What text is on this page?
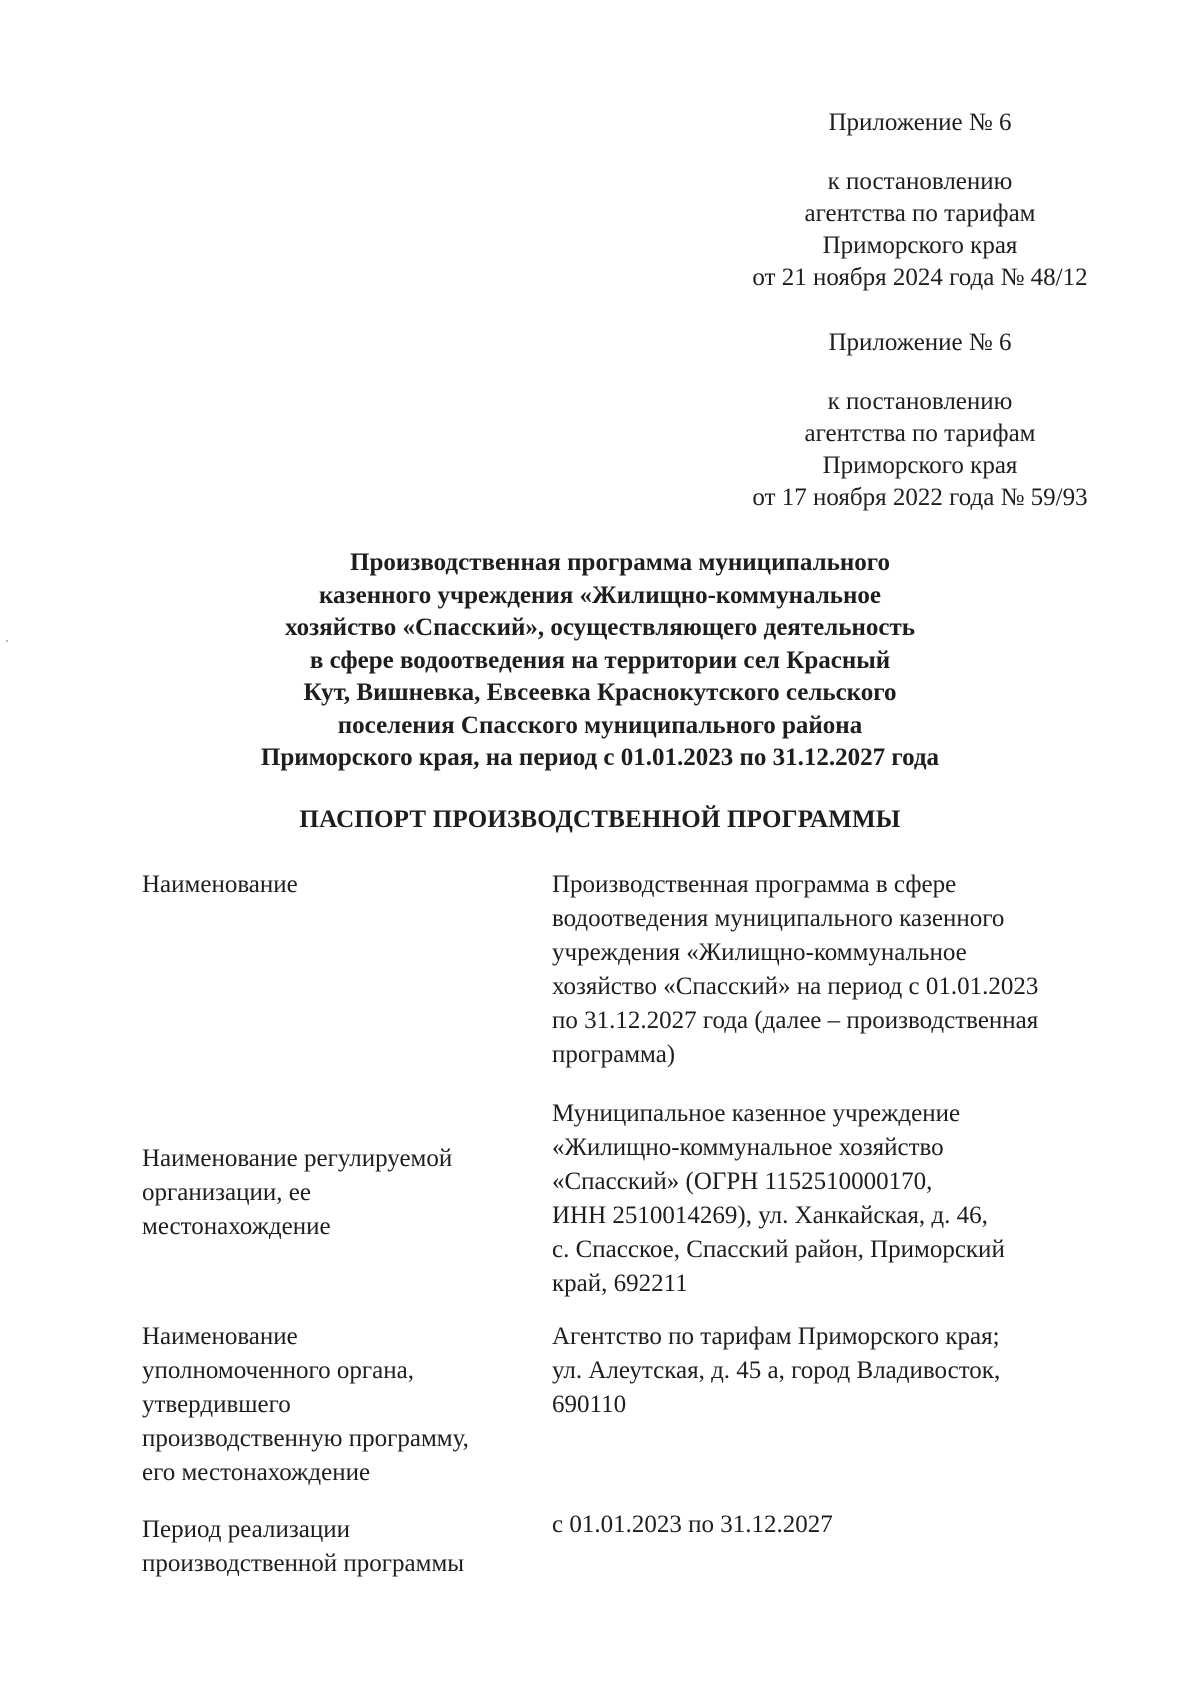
Приложение № 6
к постановлению
агентства по тарифам
Приморского края
от 21 ноября 2024 года № 48/12
Приложение № 6
к постановлению
агентства по тарифам
Приморского края
от 17 ноября 2022 года № 59/93
Производственная программа муниципального
казенного учреждения «Жилищно-коммунальное
хозяйство «Спасский», осуществляющего деятельность
в сфере водоотведения на территории сел Красный
Кут, Вишневка, Евсеевка Краснокутского сельского
поселения Спасского муниципального района
Приморского края, на период с 01.01.2023 по 31.12.2027 года
ПАСПОРТ ПРОИЗВОДСТВЕННОЙ ПРОГРАММЫ
Наименование	Производственная программа в сфере
водоотведения муниципального казенного
учреждения «Жилищно-коммунальное
хозяйство «Спасский» на период с 01.01.2023
по 31.12.2027 года (далее – производственная
программа)
Наименование регулируемой
организации, ее
местонахождение
Муниципальное казенное учреждение
«Жилищно-коммунальное хозяйство
«Спасский» (ОГРН 1152510000170,
ИНН 2510014269), ул. Ханкайская, д. 46,
с. Спасское, Спасский район, Приморский
край, 692211
Наименование
уполномоченного органа,
утвердившего
производственную программу,
его местонахождение
Агентство по тарифам Приморского края;
ул. Алеутская, д. 45 а, город Владивосток,
690110
Период реализации
производственной программы
с 01.01.2023 по 31.12.2027
